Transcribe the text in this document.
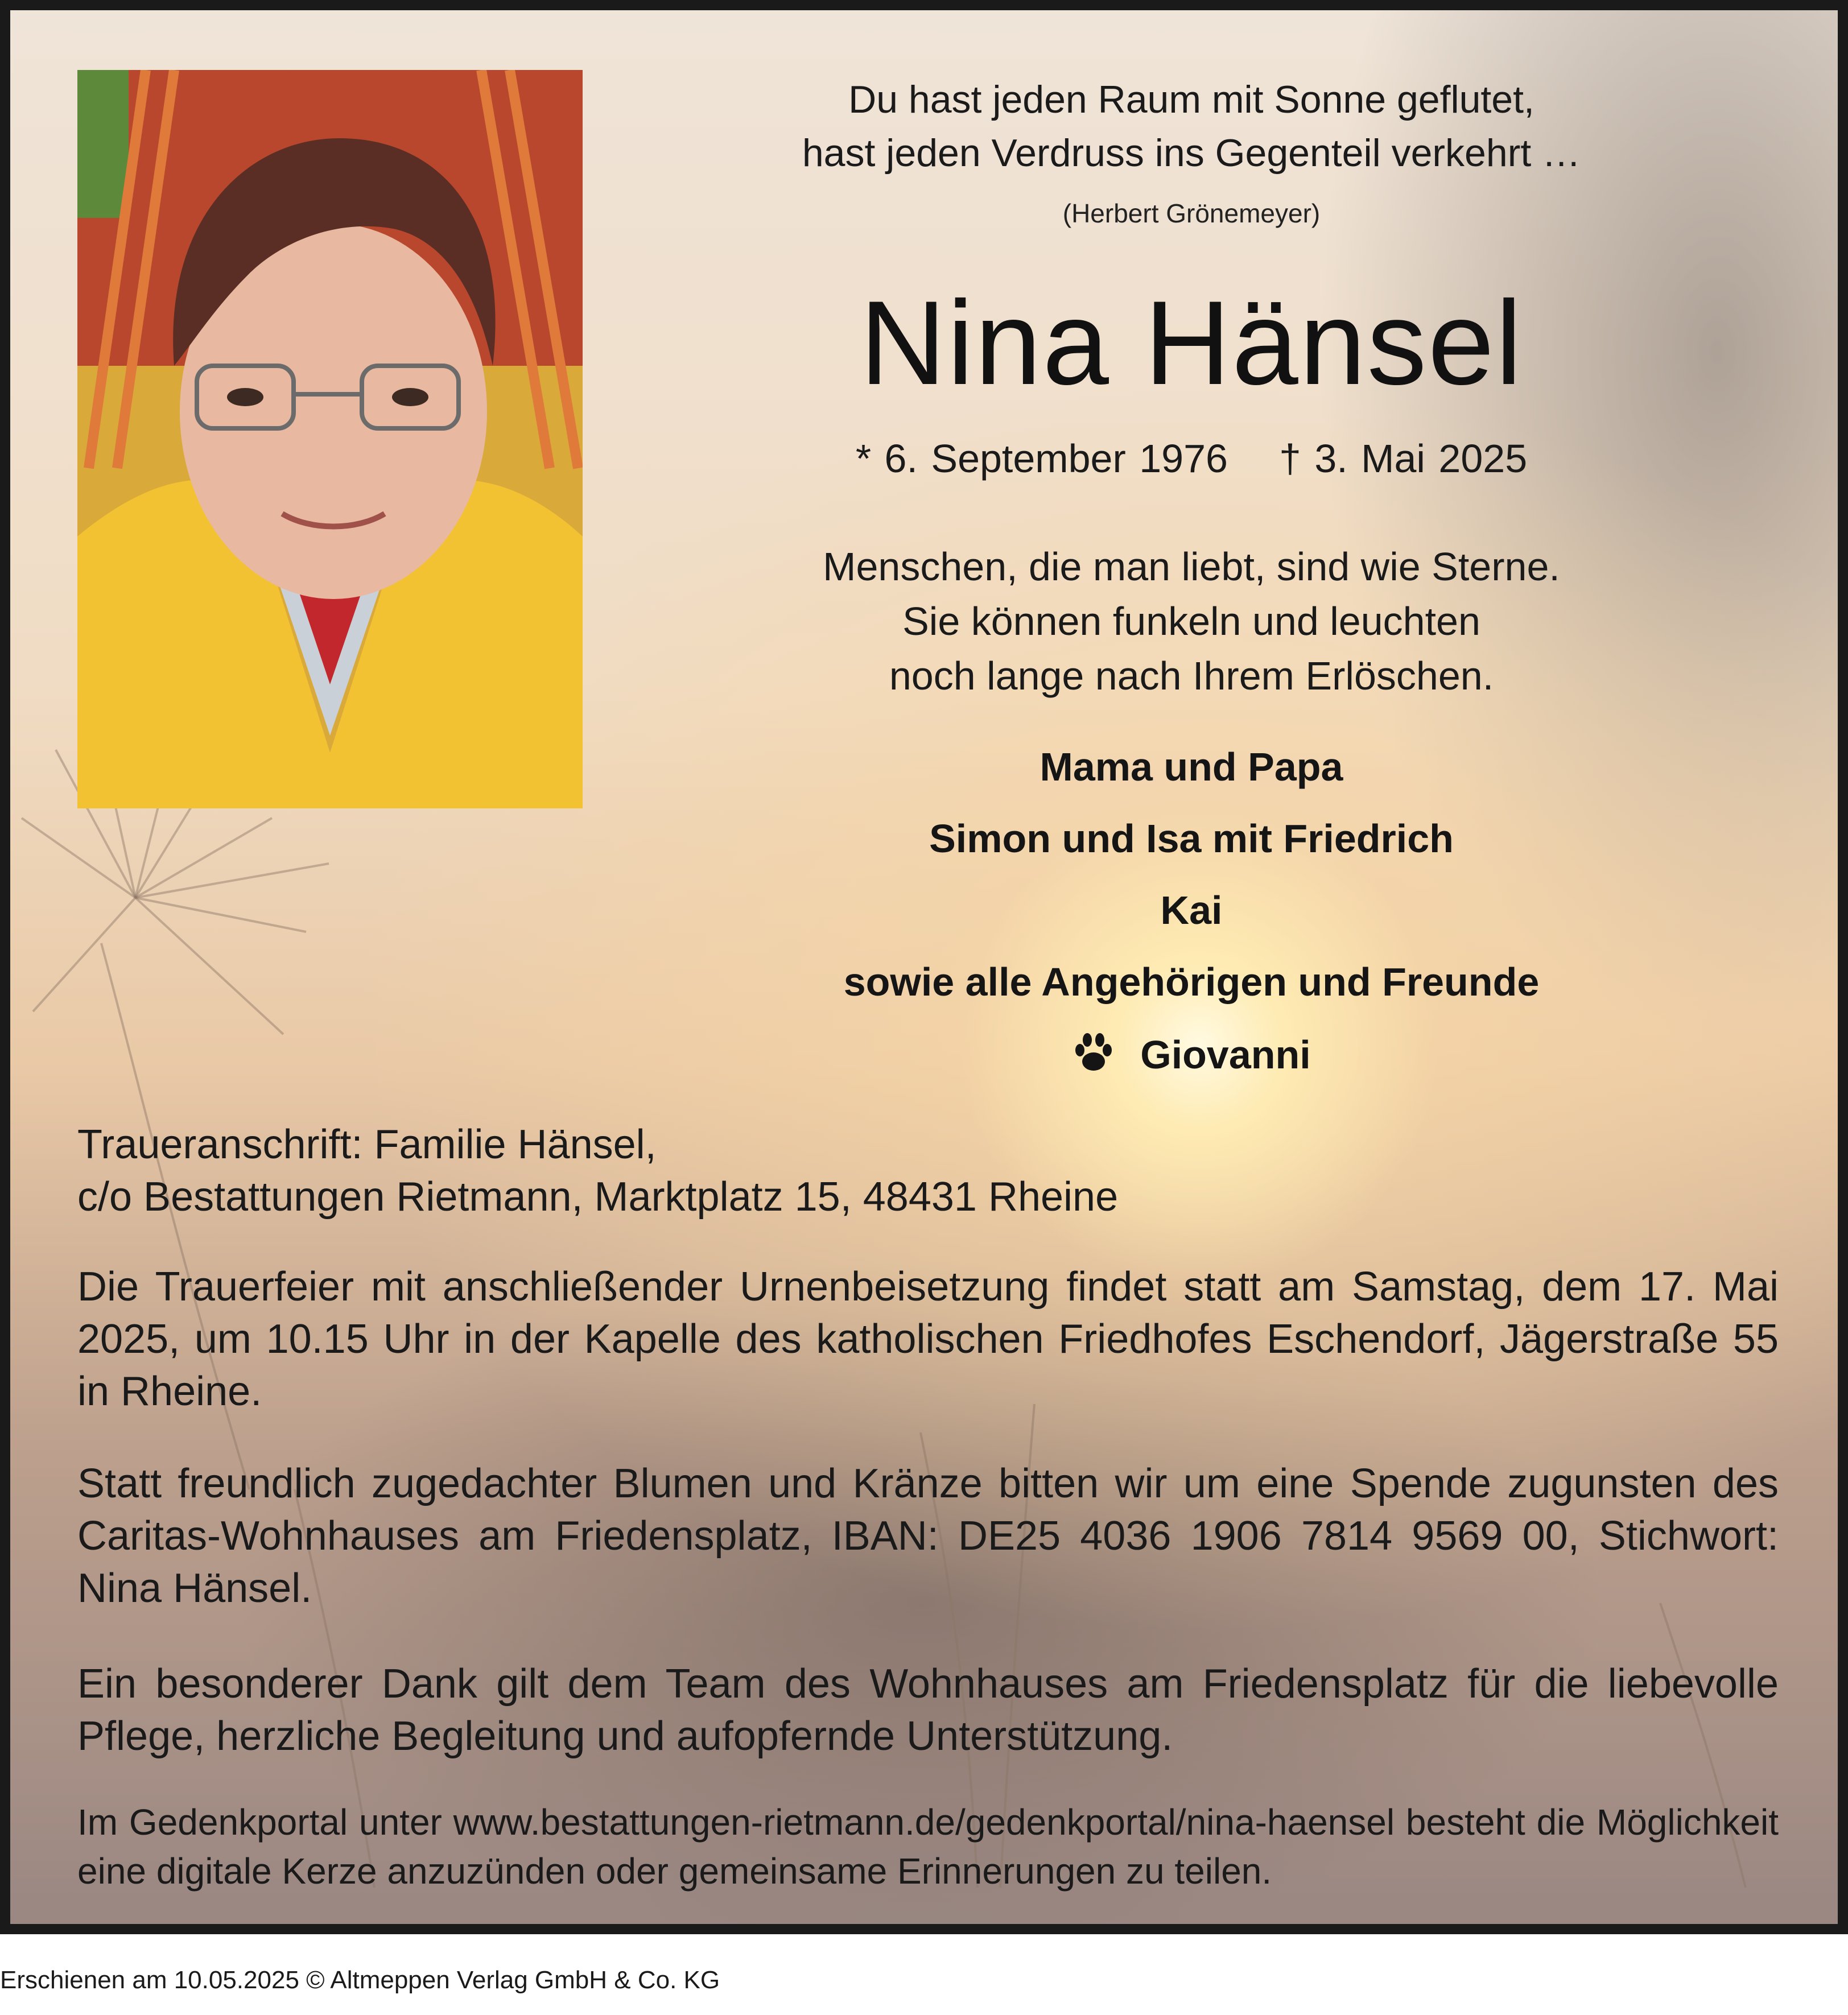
Du hast jeden Raum mit Sonne geflutet,
hast jeden Verdruss ins Gegenteil verkehrt …
(Herbert Grönemeyer)
Nina Hänsel
* 6. September 1976 † 3. Mai 2025
Menschen, die man liebt, sind wie Sterne.
Sie können funkeln und leuchten
noch lange nach Ihrem Erlöschen.
Mama und Papa
Simon und Isa mit Friedrich
Kai
sowie alle Angehörigen und Freunde
Giovanni
Traueranschrift: Familie Hänsel,
c/o Bestattungen Rietmann, Marktplatz 15, 48431 Rheine

Die Trauerfeier mit anschließender Urnenbeisetzung findet statt am Samstag, dem 17. Mai 2025, um 10.15 Uhr in der Kapelle des katholischen Friedhofes Eschendorf, Jägerstraße 55 in Rheine.

Statt freundlich zugedachter Blumen und Kränze bitten wir um eine Spende zugunsten des Caritas-Wohnhauses am Friedensplatz, IBAN: DE25 4036 1906 7814 9569 00, Stichwort: Nina Hänsel.

Ein besonderer Dank gilt dem Team des Wohnhauses am Friedensplatz für die liebevolle Pflege, herzliche Begleitung und aufopfernde Unterstützung.

Im Gedenkportal unter www.bestattungen-rietmann.de/gedenkportal/nina-haensel besteht die Möglichkeit eine digitale Kerze anzuzünden oder gemeinsame Erinnerungen zu teilen.

Erschienen am 10.05.2025 © Altmeppen Verlag GmbH & Co. KG
